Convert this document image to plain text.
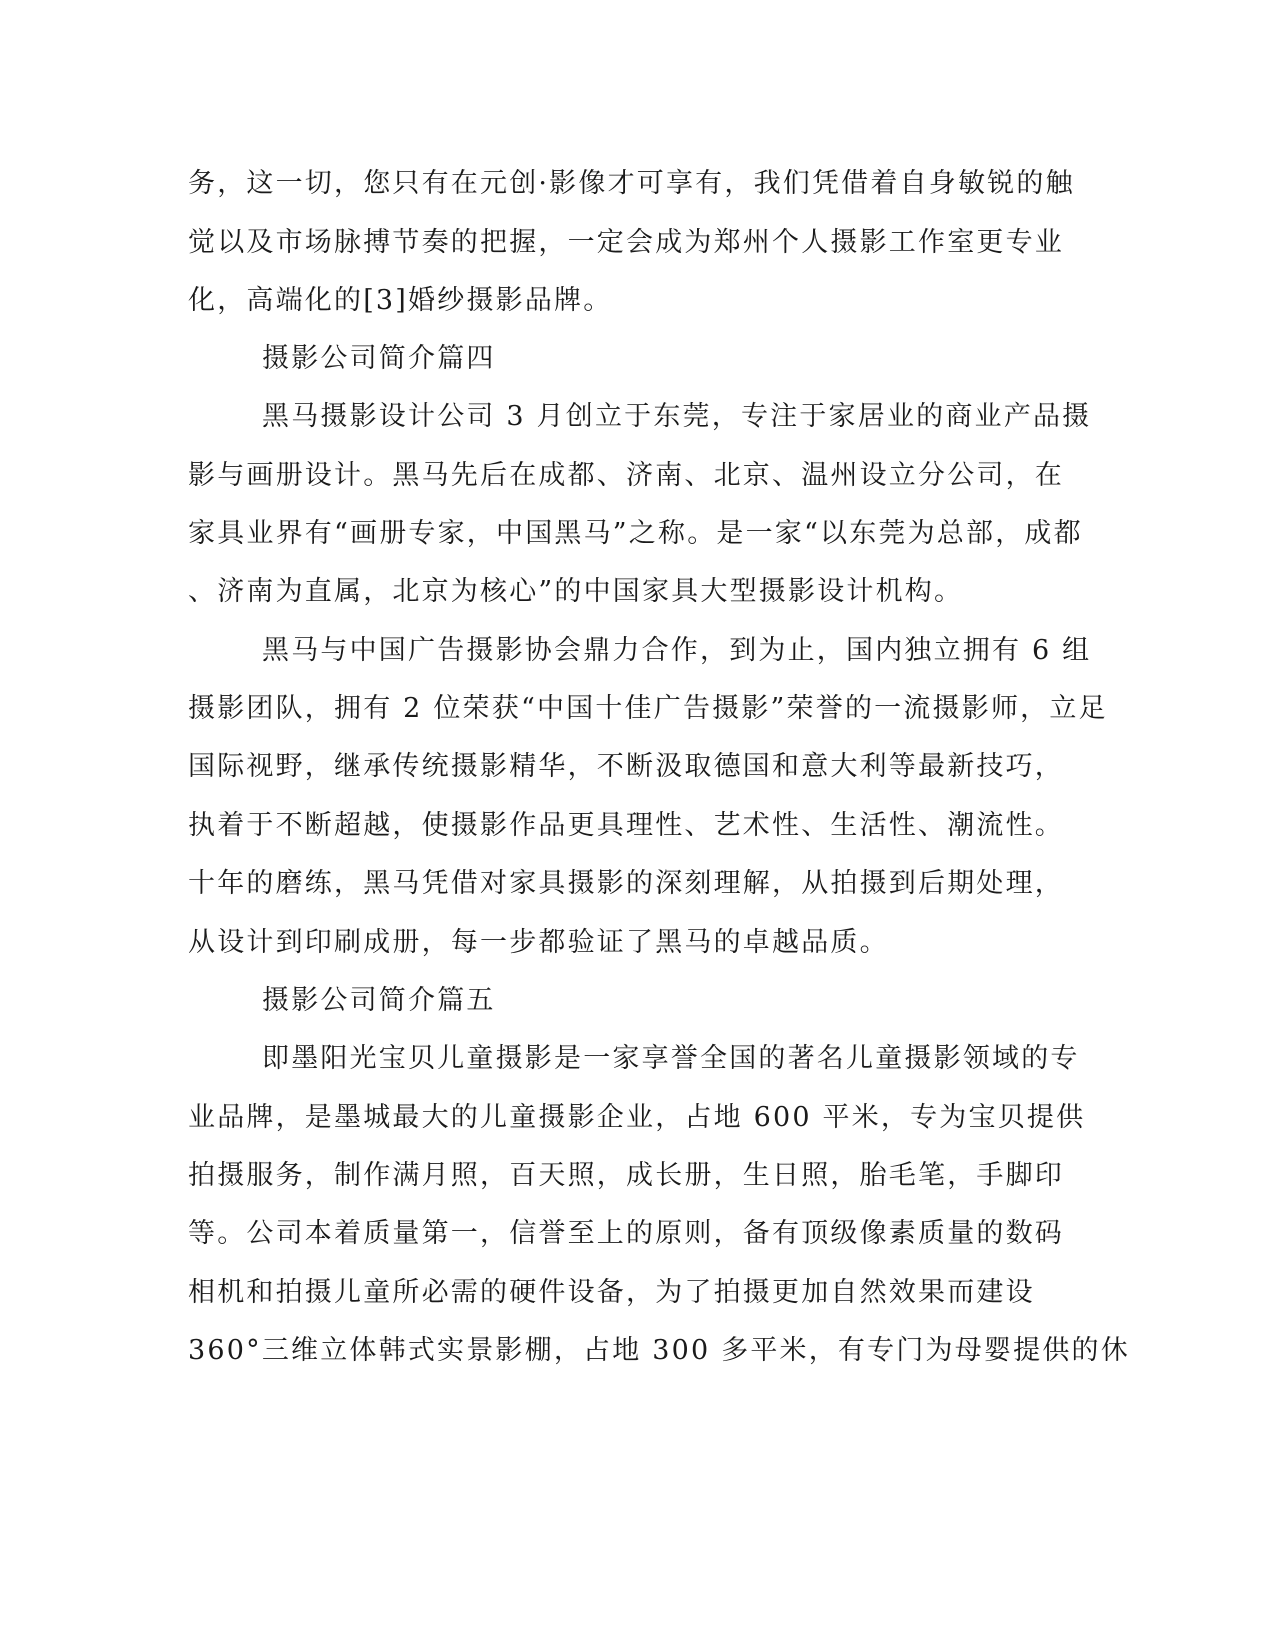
务，这一切，您只有在元创·影像才可享有，我们凭借着自身敏锐的触

觉以及市场脉搏节奏的把握，一定会成为郑州个人摄影工作室更专业

化，高端化的[3]婚纱摄影品牌。

摄影公司简介篇四

黑马摄影设计公司 3 月创立于东莞，专注于家居业的商业产品摄

影与画册设计。黑马先后在成都、济南、北京、温州设立分公司，在

家具业界有“画册专家，中国黑马”之称。是一家“以东莞为总部，成都

、济南为直属，北京为核心”的中国家具大型摄影设计机构。

黑马与中国广告摄影协会鼎力合作，到为止，国内独立拥有 6 组

摄影团队，拥有 2 位荣获“中国十佳广告摄影”荣誉的一流摄影师，立足

国际视野，继承传统摄影精华，不断汲取德国和意大利等最新技巧，

执着于不断超越，使摄影作品更具理性、艺术性、生活性、潮流性。

十年的磨练，黑马凭借对家具摄影的深刻理解，从拍摄到后期处理，

从设计到印刷成册，每一步都验证了黑马的卓越品质。

摄影公司简介篇五

即墨阳光宝贝儿童摄影是一家享誉全国的著名儿童摄影领域的专

业品牌，是墨城最大的儿童摄影企业，占地 600 平米，专为宝贝提供

拍摄服务，制作满月照，百天照，成长册，生日照，胎毛笔，手脚印

等。公司本着质量第一，信誉至上的原则，备有顶级像素质量的数码

相机和拍摄儿童所必需的硬件设备，为了拍摄更加自然效果而建设

360°三维立体韩式实景影棚，占地 300 多平米，有专门为母婴提供的休
